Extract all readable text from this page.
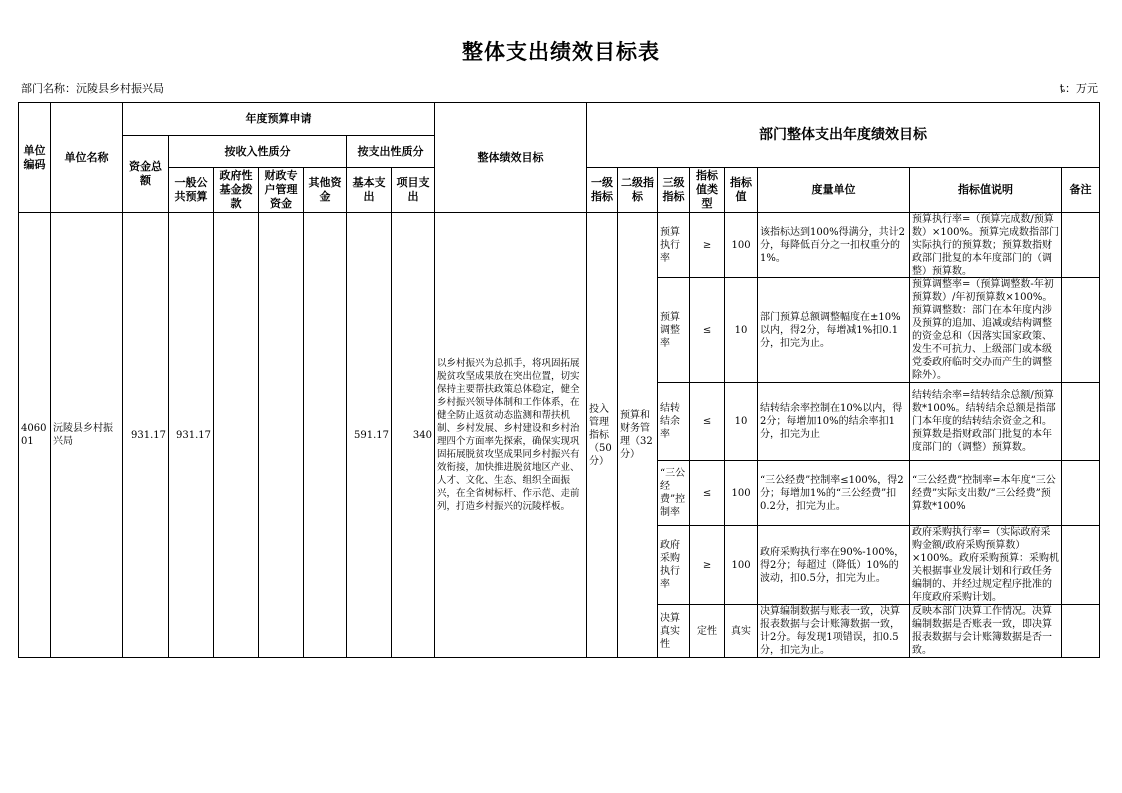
整体支出绩效目标表
部门名称：沅陵县乡村振兴局	ȶ：万元
单位编码	单位名称	年度预算申请							整体绩效目标	部门整体支出年度绩效目标							
		资金总额	按收入性质分				按支出性质分										

			一般公共预算	政府性基金拨款	财政专户管理资金	其他资金	基本支出	项目支出		一级指标	二级指标	三级指标	指标值类型	指标值	度量单位	指标值说明	备注
406001	沅陵县乡村振兴局	931.17	931.17				591.17	340	以乡村振兴为总抓手，将巩固拓展脱贫攻坚成果放在突出位置，切实保持主要帮扶政策总体稳定，健全乡村振兴领导体制和工作体系，在健全防止返贫动态监测和帮扶机制、乡村发展、乡村建设和乡村治理四个方面率先探索，确保实现巩固拓展脱贫攻坚成果同乡村振兴有效衔接，加快推进脱贫地区产业、人才、文化、生态、组织全面振兴，在全省树标杆、作示范、走前列，打造乡村振兴的沅陵样板。	投入管理指标（50分）	预算和财务管理（32分）	预算执行率	≥	100	该指标达到100%得满分，共计2分，每降低百分之一扣权重分的1%。	预算执行率=（预算完成数/预算数）×100%。预算完成数指部门实际执行的预算数；预算数指财政部门批复的本年度部门的（调整）预算数。	

												预算调整率	≤	10	部门预算总额调整幅度在±10%以内，得2分，每增减1%扣0.1分，扣完为止。	预算调整率=（预算调整数-年初预算数）/年初预算数×100%。预算调整数：部门在本年度内涉及预算的追加、追减或结构调整的资金总和（因落实国家政策、发生不可抗力、上级部门或本级党委政府临时交办而产生的调整除外）。	

												结转结余率	≤	10	结转结余率控制在10%以内，得2分；每增加10%的结余率扣1分，扣完为止	结转结余率=结转结余总额/预算数*100%。结转结余总额是指部门本年度的结转结余资金之和。预算数是指财政部门批复的本年度部门的（调整）预算数。	

												“三公经费”控制率	≤	100	“三公经费”控制率≤100%，得2分；每增加1%的“三公经费”扣0.2分，扣完为止。	“三公经费”控制率=本年度“三公经费”实际支出数/“三公经费”预算数*100%	

												政府采购执行率	≥	100	政府采购执行率在90%-100%，得2分；每超过（降低）10%的波动，扣0.5分，扣完为止。	政府采购执行率=（实际政府采购金额/政府采购预算数）×100%。政府采购预算：采购机关根据事业发展计划和行政任务编制的、并经过规定程序批准的年度政府采购计划。	

												决算真实性	定性	真实	决算编制数据与账表一致，决算报表数据与会计账簿数据一致，计2分。每发现1项错误，扣0.5分，扣完为止。	反映本部门决算工作情况。决算编制数据是否账表一致，即决算报表数据与会计账簿数据是否一致。	
